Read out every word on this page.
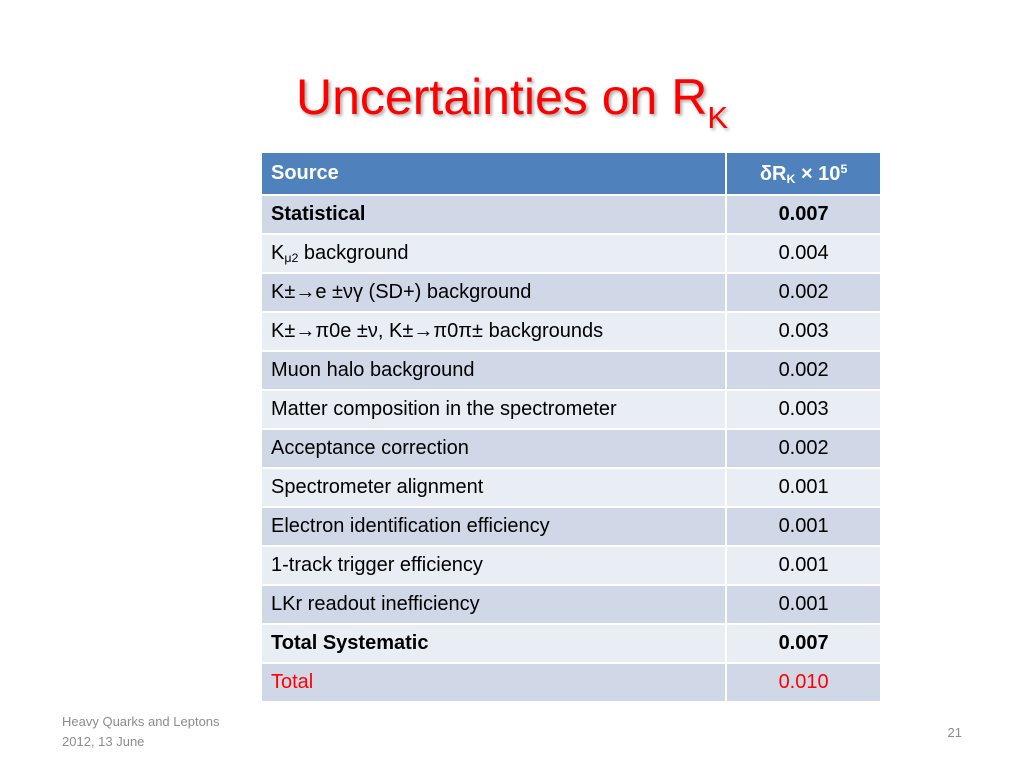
Uncertainties on $R_K$
Source	$\delta RK \times 10^5$
Statistical	0.007
Kμ2 background	0.004
K±→e ±νγ (SD+) background	0.002
K±→π0e ±ν, K±→π0π± backgrounds	0.003
Muon halo background	0.002
Matter composition in the spectrometer	0.003
Acceptance correction	0.002
Spectrometer alignment	0.001
Electron identification efficiency	0.001
1-track trigger efficiency	0.001
LKr readout inefficiency	0.001
Total Systematic	0.007
Total	0.010
Heavy Quarks and Leptons
2012, 13 June
21
